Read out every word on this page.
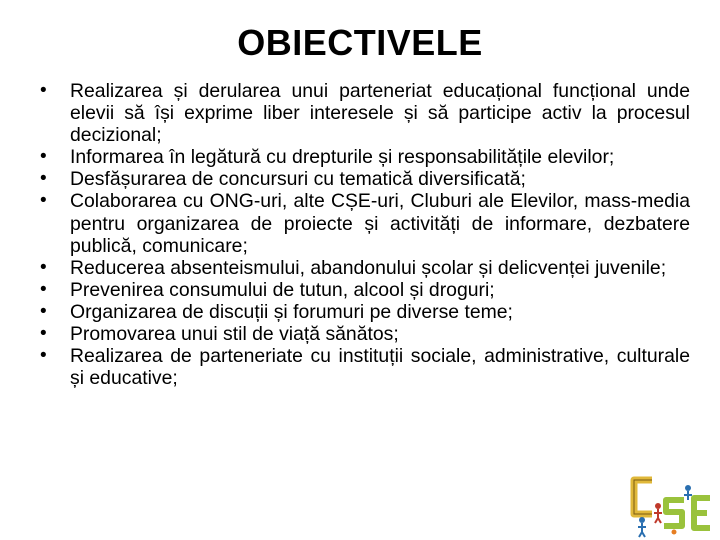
OBIECTIVELE
• Realizarea și derularea unui parteneriat educațional funcțional unde elevii să își exprime liber interesele și să participe activ la procesul decizional;
• Informarea în legătură cu drepturile și responsabilitățile elevilor;
• Desfășurarea de concursuri cu tematică diversificată;
• Colaborarea cu ONG-uri, alte CȘE-uri, Cluburi ale Elevilor, mass-media pentru organizarea de proiecte și activități de informare, dezbatere publică, comunicare;
• Reducerea absenteismului, abandonului școlar și delicvenței juvenile;
• Prevenirea consumului de tutun, alcool și droguri;
• Organizarea de discuții și forumuri pe diverse teme;
• Promovarea unui stil de viață sănătos;
• Realizarea de parteneriate cu instituții sociale, administrative, culturale și educative;
